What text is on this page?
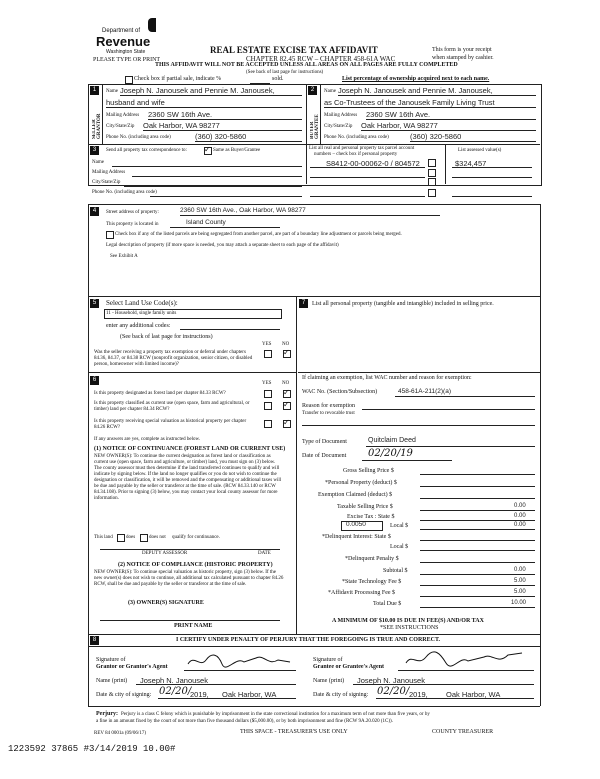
Department of
Revenue
Washington State	REAL ESTATE EXCISE TAX AFFIDAVIT
CHAPTER 82.45 RCW – CHAPTER 458-61A WAC
THIS AFFIDAVIT WILL NOT BE ACCEPTED UNLESS ALL AREAS ON ALL PAGES ARE FULLY COMPLETED
(See back of last page for instructions)
PLEASE TYPE OR PRINT
This form is your receipt
when stamped by cashier.
Check box if partial sale, indicate %	sold.	List percentage of ownership acquired next to each name.
1
SELLER GRANTOR
Name Joseph N. Janousek and Pennie M. Janousek,
husband and wife
Mailing Address 2360 SW 16th Ave.
City/State/Zip Oak Harbor, WA 98277
Phone No. (including area code)	(360) 320-5860
2
BUYER GRANTEE
Name Joseph N. Janousek and Pennie M. Janousek,
as Co-Trustees of the Janousek Family Living Trust
Mailing Address 2360 SW 16th Ave.
City/State/Zip Oak Harbor, WA 98277
Phone No. (including area code)	(360) 320-5860
3	Send all property tax correspondence to: ✓ Same as Buyer/Grantee
Name
Mailing Address
City/State/Zip
List all real and personal property tax parcel account
numbers – check box if personal property
List assessed value(s)
S8412-00-00062-0 / 804572	$324,457
Phone No. (including area code)
4	Street address of property:	2360 SW 16th Ave., Oak Harbor, WA 98277
This property is located in	Island County
Check box if any of the listed parcels are being segregated from another parcel, are part of a boundary line adjustment or parcels being merged.
Legal description of property (if more space is needed, you may attach a separate sheet to each page of the affidavit)
See Exhibit A
5	Select Land Use Code(s):
11 - Household, single family units
enter any additional codes:
(See back of last page for instructions)
YES NO
Was the seller receiving a property tax exemption or deferral under chapters 84.36, 84.37, or 84.38 RCW (nonprofit organization, senior citizen, or disabled person, homeowner with limited income)?
✓
6
YES NO
Is this property designated as forest land per chapter 84.33 RCW?	✓
Is this property classified as current use (open space, farm and agricultural, or timber) land per chapter 84.34 RCW?
✓
Is this property receiving special valuation as historical property per chapter 84.26 RCW?
✓
If any answers are yes, complete as instructed below.
(1) NOTICE OF CONTINUANCE (FOREST LAND OR CURRENT USE)
NEW OWNER(S): To continue the current designation as forest land or classification as current use (open space, farm and agriculture, or timber) land, you must sign on (3) below. The county assessor must then determine if the land transferred continues to qualify and will indicate by signing below. If the land no longer qualifies or you do not wish to continue the designation or classification, it will be removed and the compensating or additional taxes will be due and payable by the seller or transferor at the time of sale. (RCW 84.33.140 or RCW 84.34.108). Prior to signing (3) below, you may contact your local county assessor for more information.
This land	does	does not qualify for continuance.
DEPUTY ASSESSOR	DATE
(2) NOTICE OF COMPLIANCE (HISTORIC PROPERTY)
NEW OWNER(S): To continue special valuation as historic property, sign (3) below. If the new owner(s) does not wish to continue, all additional tax calculated pursuant to chapter 84.26 RCW, shall be due and payable by the seller or transferor at the time of sale.
(3) OWNER(S) SIGNATURE
PRINT NAME
7	List all personal property (tangible and intangible) included in selling price.
If claiming an exemption, list WAC number and reason for exemption:
WAC No. (Section/Subsection)	458-61A-211(2)(a)
Reason for exemption
Transfer to revocable trust
Type of Document	Quitclaim Deed
Date of Document 02/20/19
Gross Selling Price $
*Personal Property (deduct) $
Exemption Claimed (deduct) $
Taxable Selling Price $	0.00
Excise Tax : State $	0.00
0.0050	Local $	0.00
*Delinquent Interest: State $
Local $
*Delinquent Penalty $
Subtotal $	0.00
*State Technology Fee $	5.00
*Affidavit Processing Fee $	5.00
Total Due $	10.00
A MINIMUM OF $10.00 IS DUE IN FEE(S) AND/OR TAX
*SEE INSTRUCTIONS
8	I CERTIFY UNDER PENALTY OF PERJURY THAT THE FOREGOING IS TRUE AND CORRECT.
Signature of
Grantor or Grantor's Agent
Name (print) Joseph N. Janousek
Date & city of signing: 02/20/
2019, Oak Harbor, WA
Signature of
Grantee or Grantee's Agent
Name (print) Joseph N. Janousek
Date & city of signing: 02/20/ 2019, Oak Harbor, WA
Perjury: Perjury is a class C felony which is punishable by imprisonment in the state correctional institution for a maximum term of not more than five years, or by
a fine in an amount fixed by the court of not more than five thousand dollars ($5,000.00), or by both imprisonment and fine (RCW 9A.20.020 (1C)).
REV 84 0001a (09/06/17)	THIS SPACE - TREASURER'S USE ONLY	COUNTY TREASURER
1223592 37865 #3/14/2019 10.00#
